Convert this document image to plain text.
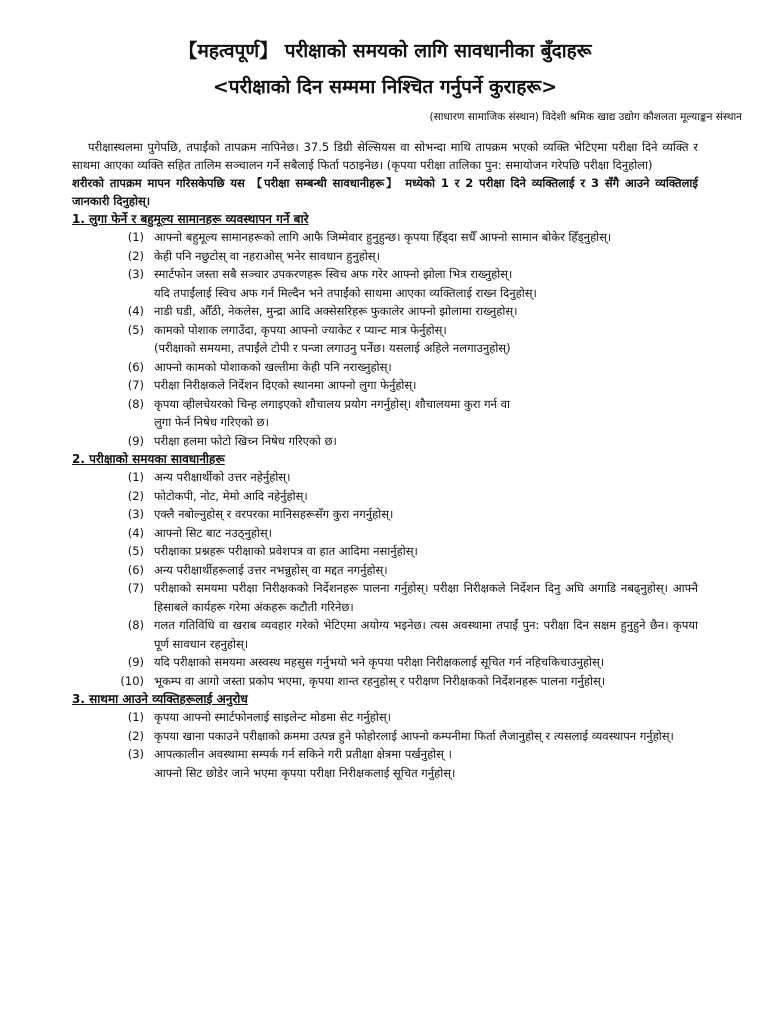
【महत्वपूर्ण】 परीक्षाको समयको लागि सावधानीका बुँदाहरू
<परीक्षाको दिन सम्ममा निश्चित गर्नुपर्ने कुराहरू>
(साधारण सामाजिक संस्थान) विदेशी श्रमिक खाद्य उद्योग कौशलता मूल्याङ्कन संस्थान

परीक्षास्थलमा पुगेपछि, तपाईंको तापक्रम नापिनेछ। 37.5 डिग्री सेल्सियस वा सोभन्दा माथि तापक्रम भएको व्यक्ति भेटिएमा परीक्षा दिने व्यक्ति र साथमा आएका व्यक्ति सहित तालिम सञ्चालन गर्ने सबैलाई फिर्ता पठाइनेछ। (कृपया परीक्षा तालिका पुन: समायोजन गरेपछि परीक्षा दिनुहोला)

शरीरको तापक्रम मापन गरिसकेपछि यस 【परीक्षा सम्बन्धी सावधानीहरू】 मध्येको 1 र 2 परीक्षा दिने व्यक्तिलाई र 3 सँगै आउने व्यक्तिलाई जानकारी दिनुहोस्।

1. लुगा फेर्ने र बहुमूल्य सामानहरू व्यवस्थापन गर्ने बारे
(1) आफ्नो बहुमूल्य सामानहरूको लागि आफै जिम्मेवार हुनुहुन्छ। कृपया हिँड्दा सधैँ आफ्नो सामान बोकेर हिँड्नुहोस्।
(2) केही पनि नछुटोस् वा नहराओस् भनेर सावधान हुनुहोस्।
(3) स्मार्टफोन जस्ता सबै सञ्चार उपकरणहरू स्विच अफ गरेर आफ्नो झोला भित्र राख्नुहोस्।
यदि तपाईंलाई स्विच अफ गर्न मिल्दैन भने तपाईंको साथमा आएका व्यक्तिलाई राख्न दिनुहोस्।
(4) नाडी घडी, औँठी, नेकलेस, मुन्द्रा आदि अक्सेसरिहरू फुकालेर आफ्नो झोलामा राख्नुहोस्।
(5) कामको पोशाक लगाउँदा, कृपया आफ्नो ज्याकेट र प्यान्ट मात्र फेर्नुहोस्।
(परीक्षाको समयमा, तपाईंले टोपी र पन्जा लगाउनु पर्नेछ। यसलाई अहिले नलगाउनुहोस्)
(6) आफ्नो कामको पोशाकको खल्तीमा केही पनि नराख्नुहोस्।
(7) परीक्षा निरीक्षकले निर्देशन दिएको स्थानमा आफ्नो लुगा फेर्नुहोस्।
(8) कृपया व्हीलचेयरको चिन्ह लगाइएको शौचालय प्रयोग नगर्नुहोस्। शौचालयमा कुरा गर्न वा
लुगा फेर्न निषेध गरिएको छ।
(9) परीक्षा हलमा फोटो खिच्न निषेध गरिएको छ।
2. परीक्षाको समयका सावधानीहरू
(1) अन्य परीक्षार्थीको उत्तर नहेर्नुहोस्।
(2) फोटोकपी, नोट, मेमो आदि नहेर्नुहोस्।
(3) एक्लै नबोल्नुहोस् र वरपरका मानिसहरूसँग कुरा नगर्नुहोस्।
(4) आफ्नो सिट बाट नउठ्नुहोस्।
(5) परीक्षाका प्रश्नहरू परीक्षाको प्रवेशपत्र वा हात आदिमा नसार्नुहोस्।
(6) अन्य परीक्षार्थीहरूलाई उत्तर नभन्नुहोस् वा मद्दत नगर्नुहोस्।
(7) परीक्षाको समयमा परीक्षा निरीक्षकको निर्देशनहरू पालना गर्नुहोस्। परीक्षा निरीक्षकले निर्देशन दिनु अघि अगाडि नबढ्नुहोस्। आफ्नै हिसाबले कार्यहरू गरेमा अंकहरू कटौती गरिनेछ।
(8) गलत गतिविधि वा खराब व्यवहार गरेको भेटिएमा अयोग्य भइनेछ। त्यस अवस्थामा तपाईं पुन: परीक्षा दिन सक्षम हुनुहुने छैन। कृपया पूर्ण सावधान रहनुहोस्।
(9) यदि परीक्षाको समयमा अस्वस्थ महसुस गर्नुभयो भने कृपया परीक्षा निरीक्षकलाई सूचित गर्न नहिचकिचाउनुहोस्।
(10) भूकम्प वा आगो जस्ता प्रकोप भएमा, कृपया शान्त रहनुहोस् र परीक्षण निरीक्षकको निर्देशनहरू पालना गर्नुहोस्।
3. साथमा आउने व्यक्तिहरूलाई अनुरोध
(1) कृपया आफ्नो स्मार्टफोनलाई साइलेन्ट मोडमा सेट गर्नुहोस्।
(2) कृपया खाना पकाउने परीक्षाको क्रममा उत्पन्न हुने फोहोरलाई आफ्नो कम्पनीमा फिर्ता लैजानुहोस् र त्यसलाई व्यवस्थापन गर्नुहोस्।
(3) आपत्कालीन अवस्थामा सम्पर्क गर्न सकिने गरी प्रतीक्षा क्षेत्रमा पर्खनुहोस् ।
आफ्नो सिट छोडेर जाने भएमा कृपया परीक्षा निरीक्षकलाई सूचित गर्नुहोस्।
